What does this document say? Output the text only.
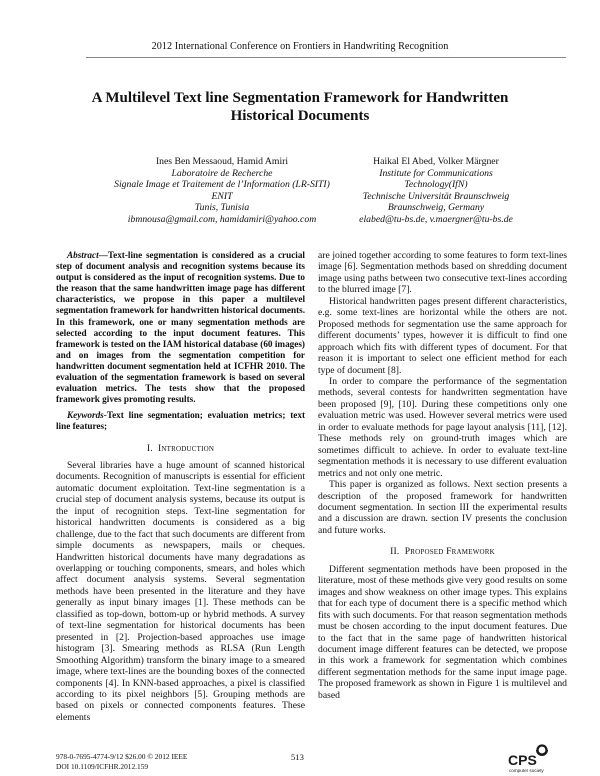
2012 International Conference on Frontiers in Handwriting Recognition
A Multilevel Text line Segmentation Framework for Handwritten Historical Documents
Ines Ben Messaoud, Hamid Amiri
Laboratoire de Recherche
Signale Image et Traitement de l’Information (LR-SITI)
ENIT
Tunis, Tunisia
ibmnousa@gmail.com, hamidamiri@yahoo.com
Haikal El Abed, Volker Märgner
Institute for Communications
Technology(IfN)
Technische Universität Braunschweig
Braunschweig, Germany
elabed@tu-bs.de, v.maergner@tu-bs.de

Abstract—Text-line segmentation is considered as a crucial step of document analysis and recognition systems because its output is considered as the input of recognition systems. Due to the reason that the same handwritten image page has different characteristics, we propose in this paper a multilevel segmentation framework for handwritten historical documents. In this framework, one or many segmentation methods are selected according to the input document features. This framework is tested on the IAM historical database (60 images) and on images from the segmentation competition for handwritten document segmentation held at ICFHR 2010. The evaluation of the segmentation framework is based on several evaluation metrics. The tests show that the proposed framework gives promoting results.

Keywords-Text line segmentation; evaluation metrics; text line features;

I. Introduction

Several libraries have a huge amount of scanned historical documents. Recognition of manuscripts is essential for efficient automatic document exploitation. Text-line segmentation is a crucial step of document analysis systems, because its output is the input of recognition steps. Text-line segmentation for historical handwritten documents is considered as a big challenge, due to the fact that such documents are different from simple documents as newspapers, mails or cheques. Handwritten historical documents have many degradations as overlapping or touching components, smears, and holes which affect document analysis systems. Several segmentation methods have been presented in the literature and they have generally as input binary images [1]. These methods can be classified as top-down, bottom-up or hybrid methods. A survey of text-line segmentation for historical documents has been presented in [2]. Projection-based approaches use image histogram [3]. Smearing methods as RLSA (Run Length Smoothing Algorithm) transform the binary image to a smeared image, where text-lines are the bounding boxes of the connected components [4]. In KNN-based approaches, a pixel is classified according to its pixel neighbors [5]. Grouping methods are based on pixels or connected components features. These elements

are joined together according to some features to form text-lines image [6]. Segmentation methods based on shredding document image using paths between two consecutive text-lines according to the blurred image [7].

Historical handwritten pages present different characteristics, e.g. some text-lines are horizontal while the others are not. Proposed methods for segmentation use the same approach for different documents’ types, however it is difficult to find one approach which fits with different types of document. For that reason it is important to select one efficient method for each type of document [8].

In order to compare the performance of the segmentation methods, several contests for handwritten segmentation have been proposed [9], [10]. During these competitions only one evaluation metric was used. However several metrics were used in order to evaluate methods for page layout analysis [11], [12]. These methods rely on ground-truth images which are sometimes difficult to achieve. In order to evaluate text-line segmentation methods it is necessary to use different evaluation metrics and not only one metric.

This paper is organized as follows. Next section presents a description of the proposed framework for handwritten document segmentation. In section III the experimental results and a discussion are drawn. section IV presents the conclusion and future works.

II. Proposed Framework

Different segmentation methods have been proposed in the literature, most of these methods give very good results on some images and show weakness on other image types. This explains that for each type of document there is a specific method which fits with such documents. For that reason segmentation methods must be chosen according to the input document features. Due to the fact that in the same page of handwritten historical document image different features can be detected, we propose in this work a framework for segmentation which combines different segmentation methods for the same input image page. The proposed framework as shown in Figure 1 is multilevel and based

978-0-7695-4774-9/12 $26.00 © 2012 IEEE
DOI 10.1109/ICFHR.2012.159
513	CPS
computer society
